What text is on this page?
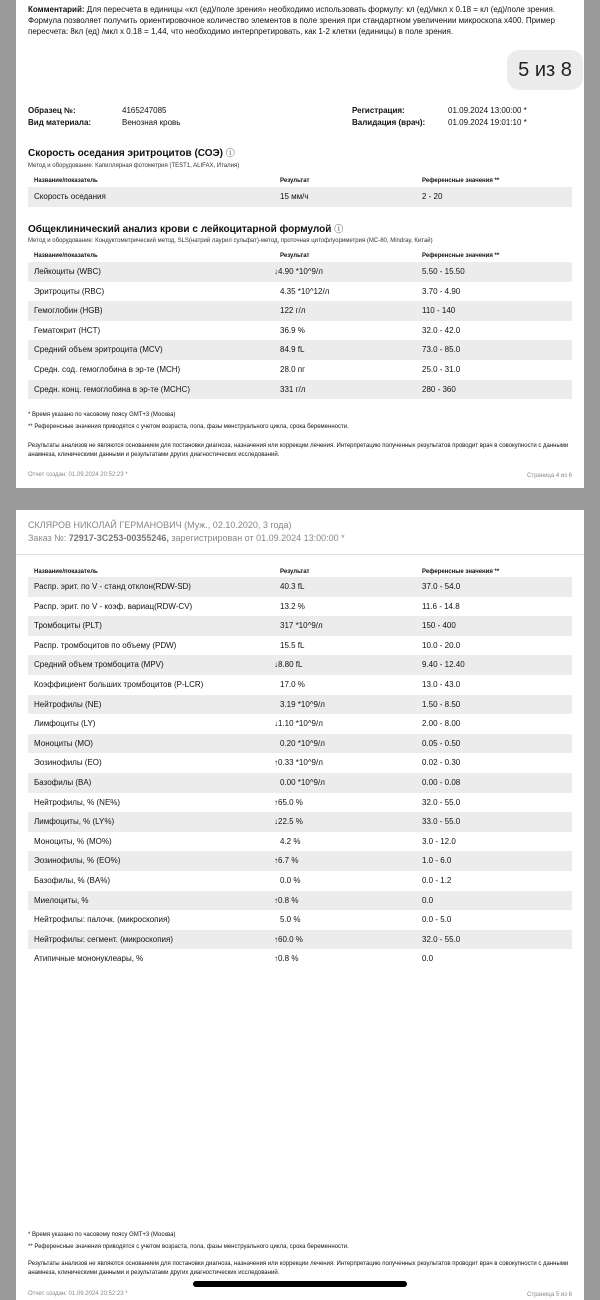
Комментарий: Для пересчета в единицы «кл (ед)/поле зрения» необходимо использовать формулу: кл (ед)/мкл х 0.18 = кл (ед)/поле зрения. Формула позволяет получить ориентировочное количество элементов в поле зрения при стандартном увеличении микроскопа х400. Пример пересчета: 8кл (ед) /мкл х 0.18 = 1,44, что необходимо интерпретировать, как 1-2 клетки (единицы) в поле зрения.
Образец №:	4165247085
Вид материала:	Венозная кровь
Регистрация:	01.09.2024 13:00:00 *
Валидация (врач):	01.09.2024 19:01:10 *
Скорость оседания эритроцитов (СОЭ) ⓘ
Метод и оборудование: Капиллярная фотометрия (TEST1, ALIFAX, Италия)
Название/показатель	Результат	Референсные значения **
Скорость оседания	15 мм/ч	2 - 20
Общеклинический анализ крови с лейкоцитарной формулой ⓘ
Метод и оборудование: Кондуктометрический метод, SLS(натрий лаурил сульфат)-метод, проточная цитофлуориметрия (MC-80, Mindray, Китай)
Название/показатель	Результат	Референсные значения **
Лейкоциты (WBC)	↓4.90 *10^9/л	5.50 - 15.50
Эритроциты (RBC)	4.35 *10^12/л	3.70 - 4.90
Гемоглобин (HGB)	122 г/л	110 - 140
Гематокрит (HCT)	36.9 %	32.0 - 42.0
Средний объем эритроцита (MCV)	84.9 fL	73.0 - 85.0
Средн. сод. гемоглобина в эр-те (MCH)	28.0 пг	25.0 - 31.0
Средн. конц. гемоглобина в эр-те (MCHC)	331 г/л	280 - 360
* Время указано по часовому поясу GMT+3 (Москва)
** Референсные значения приводятся с учетом возраста, пола, фазы менструального цикла, срока беременности.
Результаты анализов не являются основанием для постановки диагноза, назначения или коррекции лечения. Интерпретацию полученных результатов проводит врач в совокупности с данными анамнеза, клиническими данными и результатами других диагностических исследований.
Отчет создан: 01.09.2024 20:52:23 *	Страница 4 из 6
5 из 8
СКЛЯРОВ НИКОЛАЙ ГЕРМАНОВИЧ (Муж., 02.10.2020, 3 года)
Заказ №: 72917-3C253-00355246, зарегистрирован от 01.09.2024 13:00:00 *
Название/показатель	Результат	Референсные значения **
Распр. эрит. по V - станд отклон(RDW-SD)	40.3 fL	37.0 - 54.0
Распр. эрит. по V - коэф. вариац(RDW-CV)	13.2 %	11.6 - 14.8
Тромбоциты (PLT)	317 *10^9/л	150 - 400
Распр. тромбоцитов по объему (PDW)	15.5 fL	10.0 - 20.0
Средний объем тромбоцита (MPV)	↓8.80 fL	9.40 - 12.40
Коэффициент больших тромбоцитов (P-LCR)	17.0 %	13.0 - 43.0
Нейтрофилы (NE)	3.19 *10^9/л	1.50 - 8.50
Лимфоциты (LY)	↓1.10 *10^9/л	2.00 - 8.00
Моноциты (MO)	0.20 *10^9/л	0.05 - 0.50
Эозинофилы (EO)	↑0.33 *10^9/л	0.02 - 0.30
Базофилы (BA)	0.00 *10^9/л	0.00 - 0.08
Нейтрофилы, % (NE%)	↑65.0 %	32.0 - 55.0
Лимфоциты, % (LY%)	↓22.5 %	33.0 - 55.0
Моноциты, % (MO%)	4.2 %	3.0 - 12.0
Эозинофилы, % (EO%)	↑6.7 %	1.0 - 6.0
Базофилы, % (BA%)	0.0 %	0.0 - 1.2
Миелоциты, %	↑0.8 %	0.0
Нейтрофилы: палочк. (микроскопия)	5.0 %	0.0 - 5.0
Нейтрофилы: сегмент. (микроскопия)	↑60.0 %	32.0 - 55.0
Атипичные мононуклеары, %	↑0.8 %	0.0
* Время указано по часовому поясу GMT+3 (Москва)
** Референсные значения приводятся с учетом возраста, пола, фазы менструального цикла, срока беременности.
Результаты анализов не являются основанием для постановки диагноза, назначения или коррекции лечения. Интерпретацию полученных результатов проводит врач в совокупности с данными анамнеза, клиническими данными и результатами других диагностических исследований.
Отчет создан: 01.09.2024 20:52:23 *	Страница 5 из 6
